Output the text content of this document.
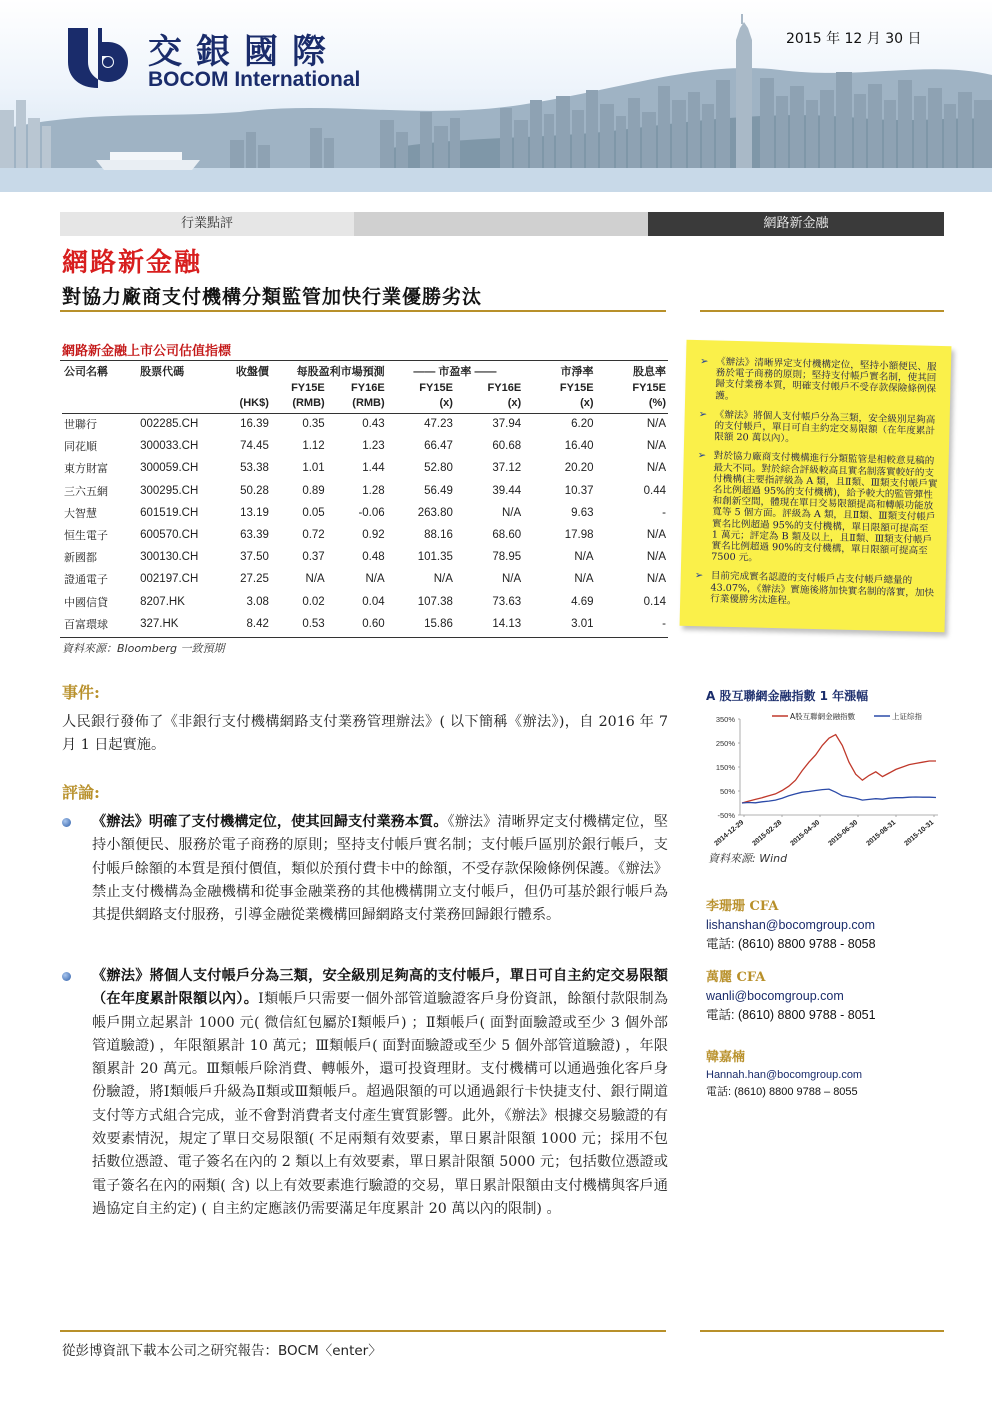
交銀國際
BOCOM International
2015 年 12 月 30 日
行業點評	網路新金融
網路新金融
對協力廠商支付機構分類監管加快行業優勝劣汰
網路新金融上市公司估值指標
公司名稱	股票代碼	收盤價	每股盈利市場預測		—— 市盈率 ——		市淨率	股息率
			FY15E	FY16E	FY15E	FY16E	FY15E	FY15E
		(HK$)	(RMB)	(RMB)	(x)	(x)	(x)	(%)
世聯行	002285.CH	16.39	0.35	0.43	47.23	37.94	6.20	N/A
同花順	300033.CH	74.45	1.12	1.23	66.47	60.68	16.40	N/A
東方財富	300059.CH	53.38	1.01	1.44	52.80	37.12	20.20	N/A
三六五網	300295.CH	50.28	0.89	1.28	56.49	39.44	10.37	0.44
大智慧	601519.CH	13.19	0.05	-0.06	263.80	N/A	9.63	-
恒生電子	600570.CH	63.39	0.72	0.92	88.16	68.60	17.98	N/A
新國都	300130.CH	37.50	0.37	0.48	101.35	78.95	N/A	N/A
證通電子	002197.CH	27.25	N/A	N/A	N/A	N/A	N/A	N/A
中國信貸	8207.HK	3.08	0.02	0.04	107.38	73.63	4.69	0.14
百富環球	327.HK	8.42	0.53	0.60	15.86	14.13	3.01	-
資料來源：Bloomberg 一致預期
➢ 《辦法》清晰界定支付機構定位，堅持小額便民、服務於電子商務的原則；堅持支付帳戶實名制，使其回歸支付業務本質，明確支付帳戶不受存款保險條例保護。
➢ 《辦法》將個人支付帳戶分為三類，安全級別足夠高的支付帳戶，單日可自主約定交易限額（在年度累計限額 20 萬以內）。
➢ 對於協力廠商支付機構進行分類監管是相較意見稿的最大不同。對於綜合評級較高且實名制落實較好的支付機構(主要指評級為 A 類，且Ⅱ類、Ⅲ類支付帳戶實名比例超過 95%的支付機構)，給予較大的監管彈性和創新空間，體現在單日交易限額提高和轉帳功能放寬等 5 個方面。評級為 A 類，且Ⅱ類、Ⅲ類支付帳戶實名比例超過 95%的支付機構，單日限額可提高至 1 萬元；評定為 B 類及以上，且Ⅱ類、Ⅲ類支付帳戶實名比例超過 90%的支付機構，單日限額可提高至 7500 元。
➢ 目前完成實名認證的支付帳戶占支付帳戶總量的 43.07%，《辦法》實施後將加快實名制的落實，加快行業優勝劣汰進程。
事件:
人民銀行發佈了《非銀行支付機構網路支付業務管理辦法》( 以下簡稱《辦法》)，自 2016 年 7 月 1 日起實施。
評論:
《辦法》明確了支付機構定位，使其回歸支付業務本質。《辦法》清晰界定支付機構定位，堅持小額便民、服務於電子商務的原則；堅持支付帳戶實名制；支付帳戶區別於銀行帳戶，支付帳戶餘額的本質是預付價值，類似於預付費卡中的餘額，不受存款保險條例保護。《辦法》禁止支付機構為金融機構和從事金融業務的其他機構開立支付帳戶，但仍可基於銀行帳戶為其提供網路支付服務，引導金融從業機構回歸網路支付業務回歸銀行體系。
《辦法》將個人支付帳戶分為三類，安全級別足夠高的支付帳戶，單日可自主約定交易限額（在年度累計限額以內）。Ⅰ類帳戶只需要一個外部管道驗證客戶身份資訊，餘額付款限制為帳戶開立起累計 1000 元( 微信紅包屬於Ⅰ類帳戶) ；Ⅱ類帳戶( 面對面驗證或至少 3 個外部管道驗證) ，年限額累計 10 萬元；Ⅲ類帳戶( 面對面驗證或至少 5 個外部管道驗證) ，年限額累計 20 萬元。Ⅲ類帳戶除消費、轉帳外，還可投資理財。支付機構可以通過強化客戶身份驗證，將Ⅰ類帳戶升級為Ⅱ類或Ⅲ類帳戶。超過限額的可以通過銀行卡快捷支付、銀行閘道支付等方式組合完成，並不會對消費者支付產生實質影響。此外，《辦法》根據交易驗證的有效要素情況，規定了單日交易限額( 不足兩類有效要素，單日累計限額 1000 元；採用不包括數位憑證、電子簽名在內的 2 類以上有效要素，單日累計限額 5000 元；包括數位憑證或電子簽名在內的兩類( 含) 以上有效要素進行驗證的交易，單日累計限額由支付機構與客戶通過協定自主約定) ( 自主約定應該仍需要滿足年度累計 20 萬以內的限制) 。
A 股互聯網金融指數 1 年漲幅
350%
250%
150%
50%
-50%
2014-12-29 2015-02-28 2015-04-30 2015-06-30 2015-08-31 2015-10-31
A股互聯網金融指數	上证综指
資料來源: Wind
李珊珊 CFA
lishanshan@bocomgroup.com
電話: (8610) 8800 9788 - 8058
萬麗 CFA
wanli@bocomgroup.com
電話: (8610) 8800 9788 - 8051
韓嘉楠
Hannah.han@bocomgroup.com
電話: (8610) 8800 9788 – 8055
從彭博資訊下載本公司之研究報告：BOCM〈enter〉
